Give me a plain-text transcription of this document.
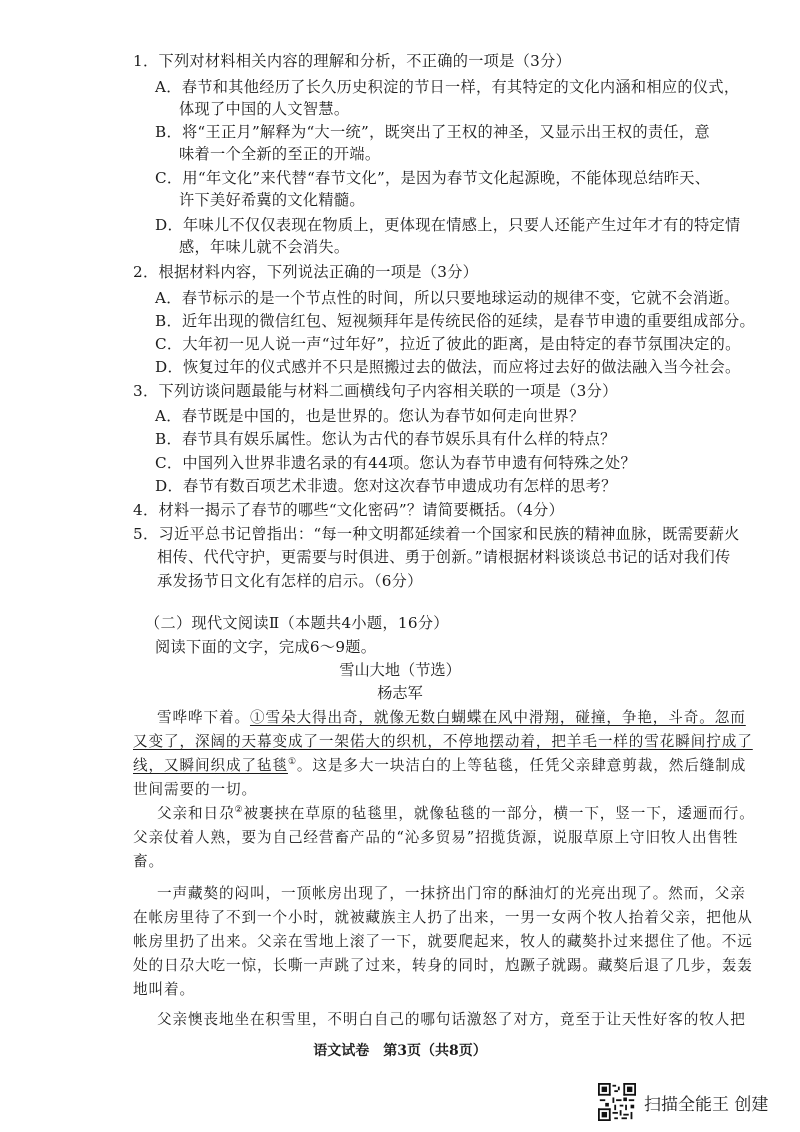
1．下列对材料相关内容的理解和分析，不正确的一项是（3分）
A．春节和其他经历了长久历史积淀的节日一样，有其特定的文化内涵和相应的仪式，
体现了中国的人文智慧。
B．将“王正月”解释为“大一统”，既突出了王权的神圣，又显示出王权的责任，意
味着一个全新的至正的开端。
C．用“年文化”来代替“春节文化”，是因为春节文化起源晚，不能体现总结昨天、
许下美好希冀的文化精髓。
D．年味儿不仅仅表现在物质上，更体现在情感上，只要人还能产生过年才有的特定情
感，年味儿就不会消失。
2．根据材料内容，下列说法正确的一项是（3分）
A．春节标示的是一个节点性的时间，所以只要地球运动的规律不变，它就不会消逝。
B．近年出现的微信红包、短视频拜年是传统民俗的延续，是春节申遗的重要组成部分。
C．大年初一见人说一声“过年好”，拉近了彼此的距离，是由特定的春节氛围决定的。
D．恢复过年的仪式感并不只是照搬过去的做法，而应将过去好的做法融入当今社会。
3．下列访谈问题最能与材料二画横线句子内容相关联的一项是（3分）
A．春节既是中国的，也是世界的。您认为春节如何走向世界？
B．春节具有娱乐属性。您认为古代的春节娱乐具有什么样的特点？
C．中国列入世界非遗名录的有44项。您认为春节申遗有何特殊之处？
D．春节有数百项艺术非遗。您对这次春节申遗成功有怎样的思考？
4．材料一揭示了春节的哪些“文化密码”？请简要概括。（4分）
5．习近平总书记曾指出：“每一种文明都延续着一个国家和民族的精神血脉，既需要薪火
相传、代代守护，更需要与时俱进、勇于创新。”请根据材料谈谈总书记的话对我们传
承发扬节日文化有怎样的启示。（6分）
（二）现代文阅读Ⅱ（本题共4小题，16分）
阅读下面的文字，完成6～9题。
雪山大地（节选）
杨志军
雪哗哗下着。①雪朵大得出奇，就像无数白蝴蝶在风中滑翔，碰撞，争艳，斗奇。忽而
又变了，深阔的天幕变成了一架偌大的织机，不停地摆动着，把羊毛一样的雪花瞬间拧成了
线，又瞬间织成了毡毯①。这是多大一块洁白的上等毡毯，任凭父亲肆意剪裁，然后缝制成
世间需要的一切。
父亲和日尕②被裹挟在草原的毡毯里，就像毡毯的一部分，横一下，竖一下，逶逦而行。
父亲仗着人熟，要为自己经营畜产品的“沁多贸易”招揽货源，说服草原上守旧牧人出售牲
畜。
一声藏獒的闷叫，一顶帐房出现了，一抹挤出门帘的酥油灯的光亮出现了。然而，父亲
在帐房里待了不到一个小时，就被藏族主人扔了出来，一男一女两个牧人抬着父亲，把他从
帐房里扔了出来。父亲在雪地上滚了一下，就要爬起来，牧人的藏獒扑过来摁住了他。不远
处的日尕大吃一惊，长嘶一声跳了过来，转身的同时，尥蹶子就踢。藏獒后退了几步，轰轰
地叫着。
父亲懊丧地坐在积雪里，不明白自己的哪句话激怒了对方，竟至于让天性好客的牧人把
语文试卷　第3页（共8页）
扫描全能王 创建
